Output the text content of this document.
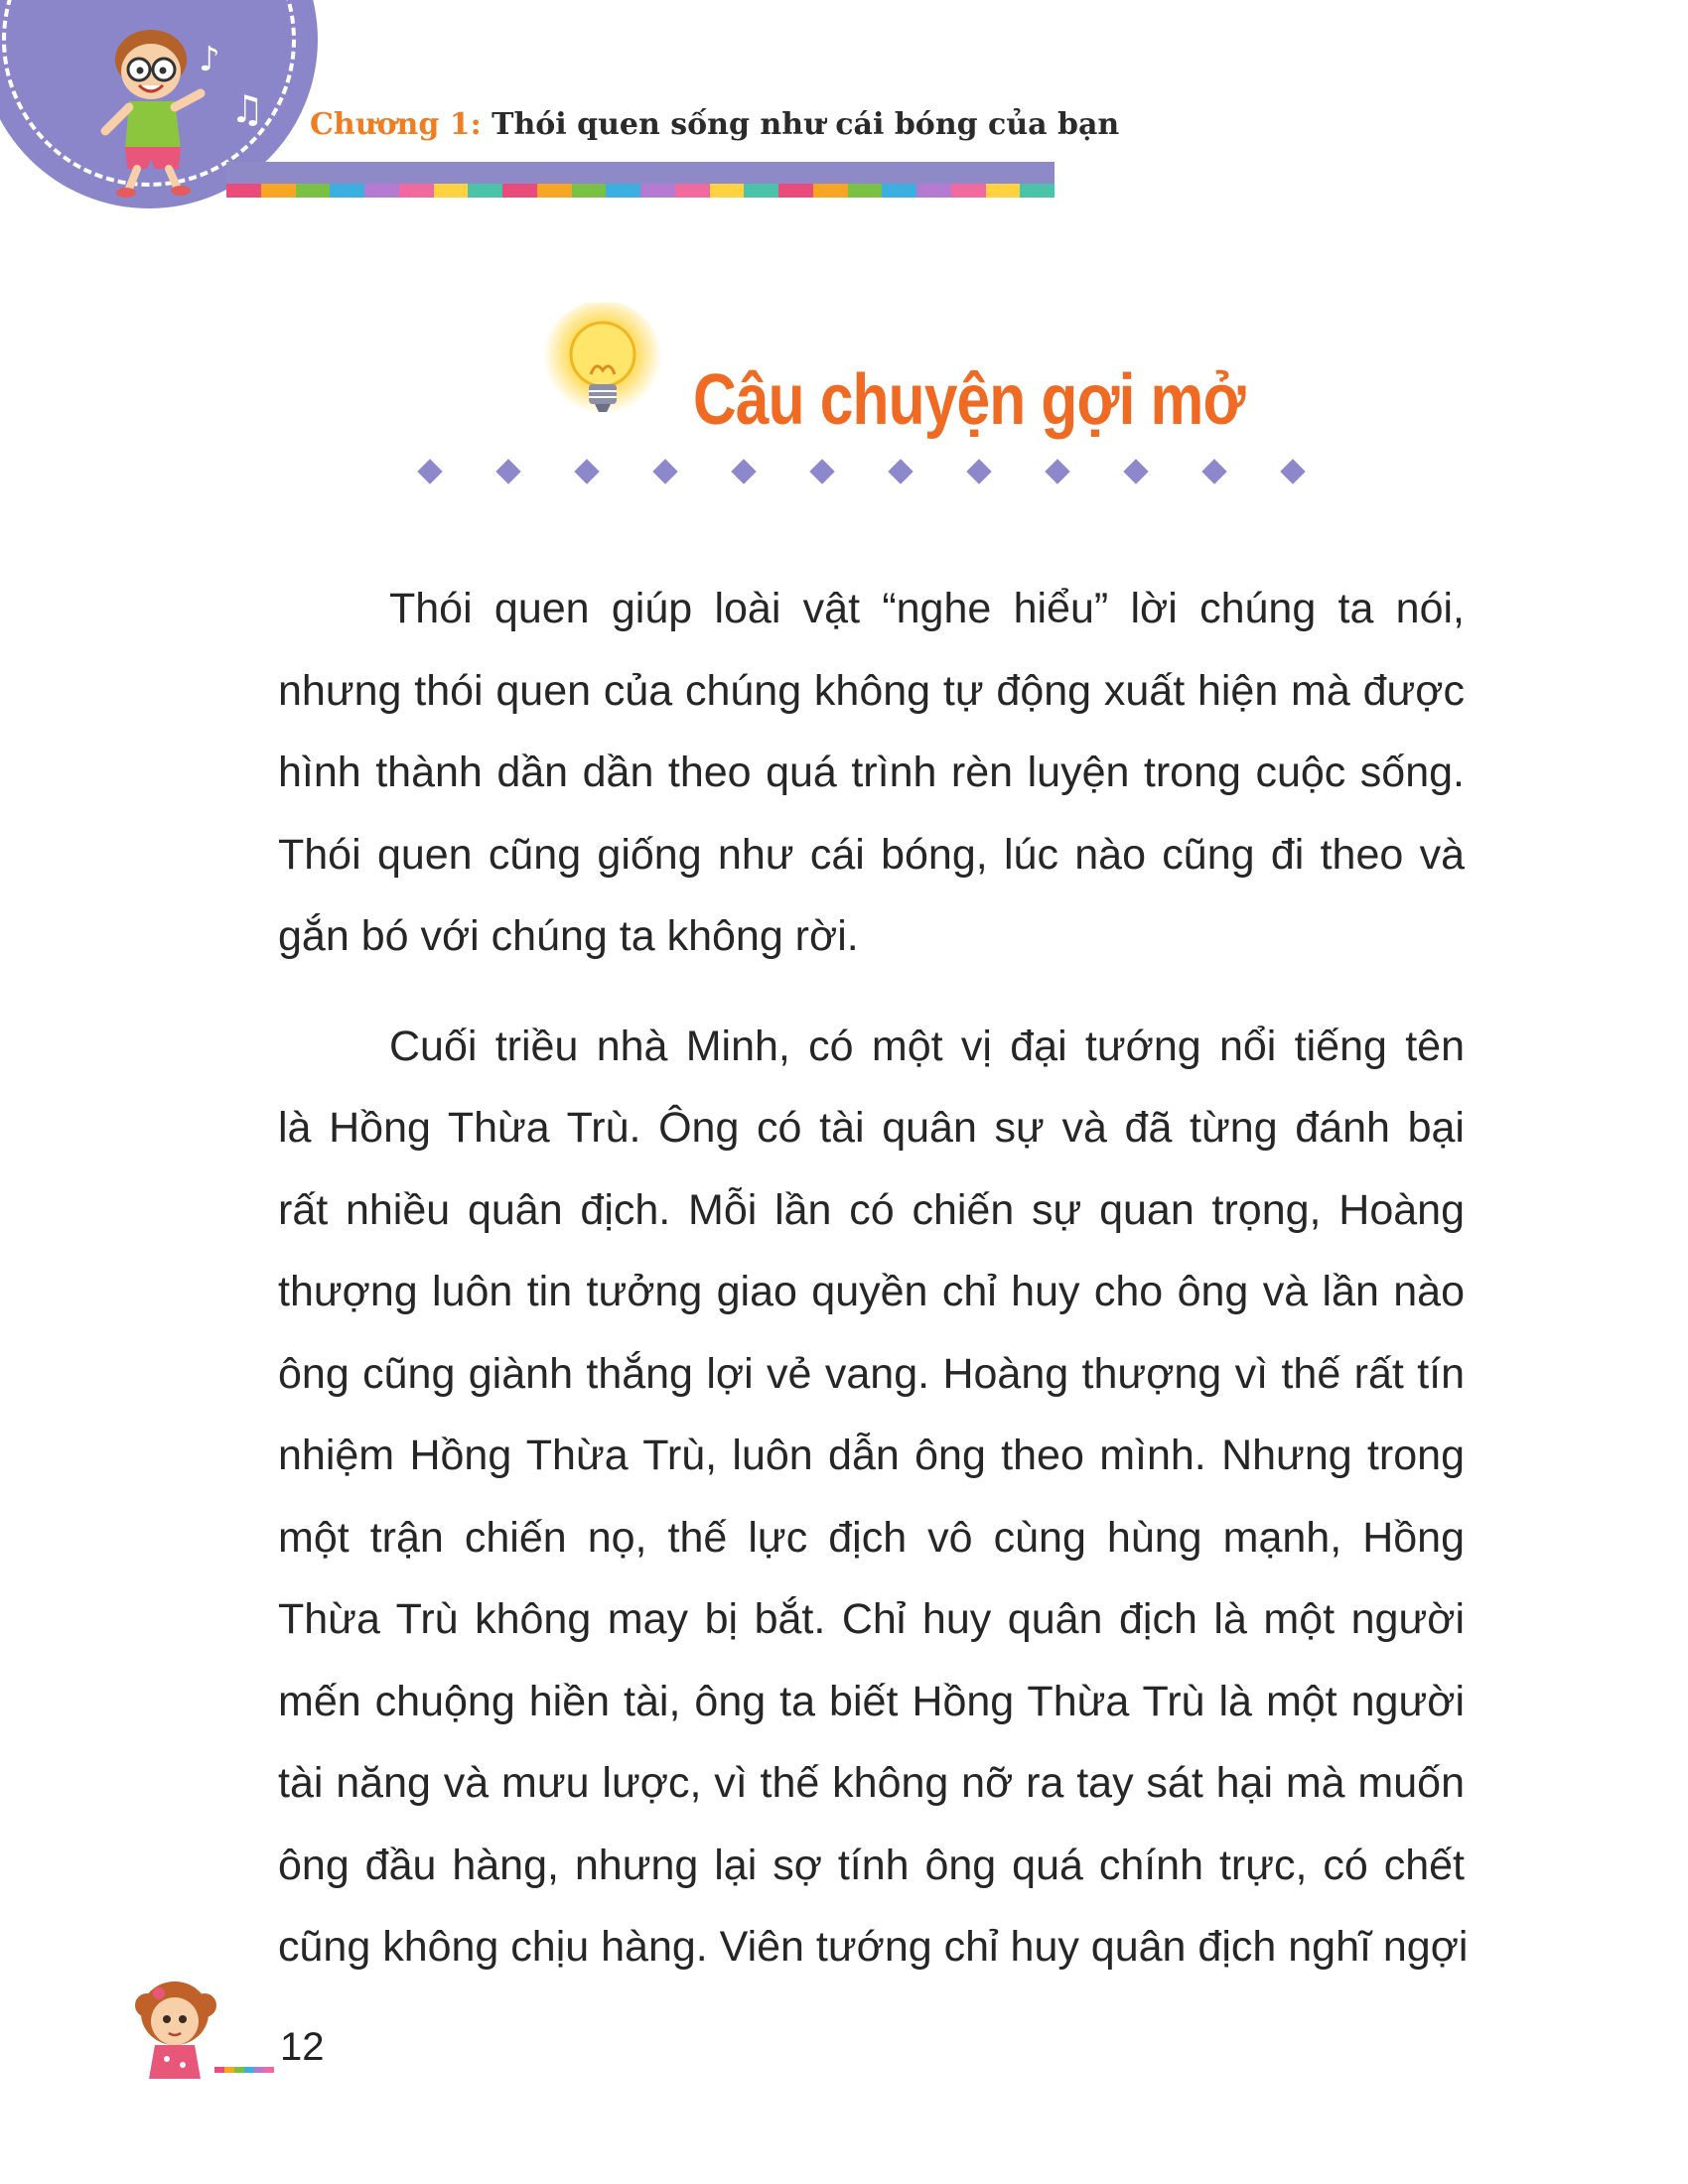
♪
♫ Chương 1: Thói quen sống như cái bóng của bạn
Câu chuyện gợi mở
Thói quen giúp loài vật “nghe hiểu” lời chúng ta nói,
nhưng thói quen của chúng không tự động xuất hiện mà được
hình thành dần dần theo quá trình rèn luyện trong cuộc sống.
Thói quen cũng giống như cái bóng, lúc nào cũng đi theo và
gắn bó với chúng ta không rời.
Cuối triều nhà Minh, có một vị đại tướng nổi tiếng tên
là Hồng Thừa Trù. Ông có tài quân sự và đã từng đánh bại
rất nhiều quân địch. Mỗi lần có chiến sự quan trọng, Hoàng
thượng luôn tin tưởng giao quyền chỉ huy cho ông và lần nào
ông cũng giành thắng lợi vẻ vang. Hoàng thượng vì thế rất tín
nhiệm Hồng Thừa Trù, luôn dẫn ông theo mình. Nhưng trong
một trận chiến nọ, thế lực địch vô cùng hùng mạnh, Hồng
Thừa Trù không may bị bắt. Chỉ huy quân địch là một người
mến chuộng hiền tài, ông ta biết Hồng Thừa Trù là một người
tài năng và mưu lược, vì thế không nỡ ra tay sát hại mà muốn
ông đầu hàng, nhưng lại sợ tính ông quá chính trực, có chết
cũng không chịu hàng. Viên tướng chỉ huy quân địch nghĩ ngợi
12
